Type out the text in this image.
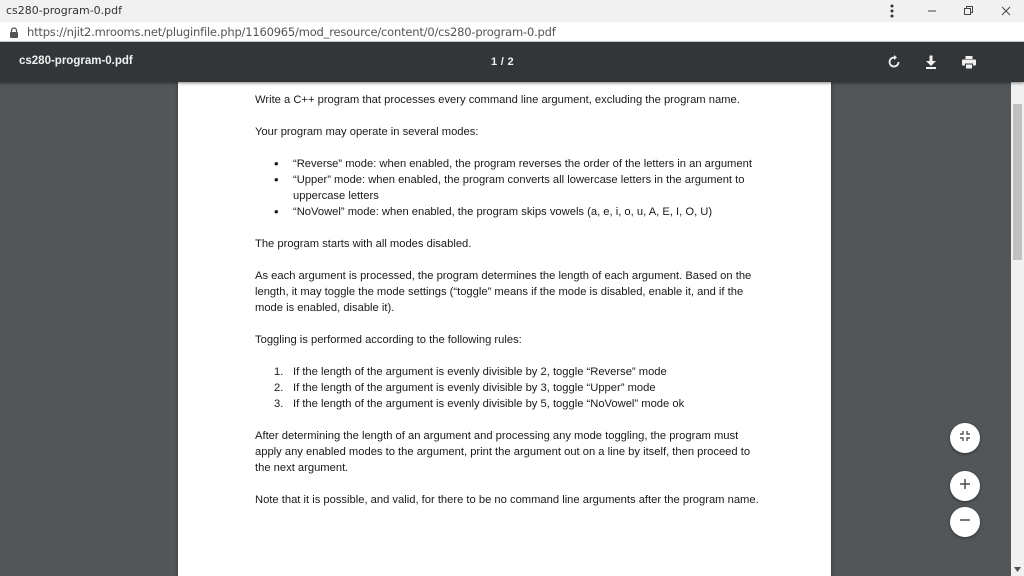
cs280-program-0.pdf
https://njit2.mrooms.net/pluginfile.php/1160965/mod_resource/content/0/cs280-program-0.pdf
cs280-program-0.pdf	1 / 2

Write a C++ program that processes every command line argument, excluding the program name.

Your program may operate in several modes:

• “Reverse” mode: when enabled, the program reverses the order of the letters in an argument
• “Upper” mode: when enabled, the program converts all lowercase letters in the argument to uppercase letters
• “NoVowel” mode: when enabled, the program skips vowels (a, e, i, o, u, A, E, I, O, U)

The program starts with all modes disabled.

As each argument is processed, the program determines the length of each argument. Based on the length, it may toggle the mode settings (“toggle” means if the mode is disabled, enable it, and if the mode is enabled, disable it).

Toggling is performed according to the following rules:

1. If the length of the argument is evenly divisible by 2, toggle “Reverse” mode
2. If the length of the argument is evenly divisible by 3, toggle “Upper” mode
3. If the length of the argument is evenly divisible by 5, toggle “NoVowel” mode ok

After determining the length of an argument and processing any mode toggling, the program must apply any enabled modes to the argument, print the argument out on a line by itself, then proceed to the next argument.

Note that it is possible, and valid, for there to be no command line arguments after the program name.
